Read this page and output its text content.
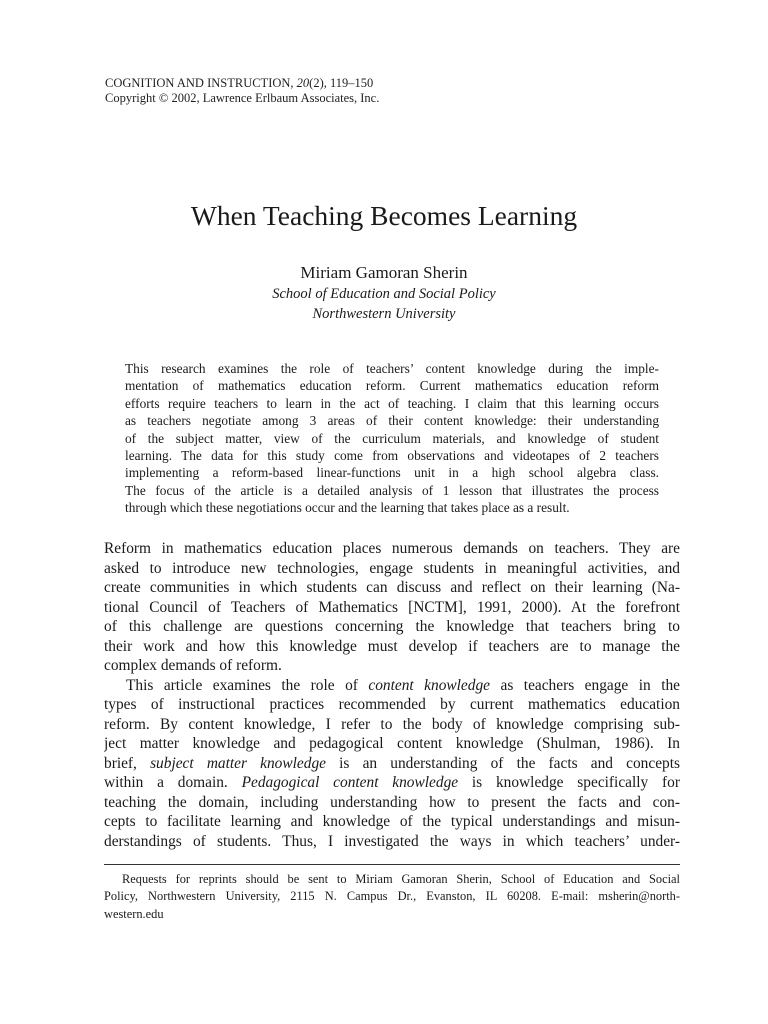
COGNITION AND INSTRUCTION, 20(2), 119–150
Copyright © 2002, Lawrence Erlbaum Associates, Inc.
When Teaching Becomes Learning
Miriam Gamoran Sherin
School of Education and Social Policy
Northwestern University
This research examines the role of teachers’ content knowledge during the imple-
mentation of mathematics education reform. Current mathematics education reform
efforts require teachers to learn in the act of teaching. I claim that this learning occurs
as teachers negotiate among 3 areas of their content knowledge: their understanding
of the subject matter, view of the curriculum materials, and knowledge of student
learning. The data for this study come from observations and videotapes of 2 teachers
implementing a reform-based linear-functions unit in a high school algebra class.
The focus of the article is a detailed analysis of 1 lesson that illustrates the process
through which these negotiations occur and the learning that takes place as a result.
Reform in mathematics education places numerous demands on teachers. They are
asked to introduce new technologies, engage students in meaningful activities, and
create communities in which students can discuss and reflect on their learning (Na-
tional Council of Teachers of Mathematics [NCTM], 1991, 2000). At the forefront
of this challenge are questions concerning the knowledge that teachers bring to
their work and how this knowledge must develop if teachers are to manage the
complex demands of reform.
This article examines the role of content knowledge as teachers engage in the
types of instructional practices recommended by current mathematics education
reform. By content knowledge, I refer to the body of knowledge comprising sub-
ject matter knowledge and pedagogical content knowledge (Shulman, 1986). In
brief, subject matter knowledge is an understanding of the facts and concepts
within a domain. Pedagogical content knowledge is knowledge specifically for
teaching the domain, including understanding how to present the facts and con-
cepts to facilitate learning and knowledge of the typical understandings and misun-
derstandings of students. Thus, I investigated the ways in which teachers’ under-
Requests for reprints should be sent to Miriam Gamoran Sherin, School of Education and Social
Policy, Northwestern University, 2115 N. Campus Dr., Evanston, IL 60208. E-mail: msherin@north-
western.edu
